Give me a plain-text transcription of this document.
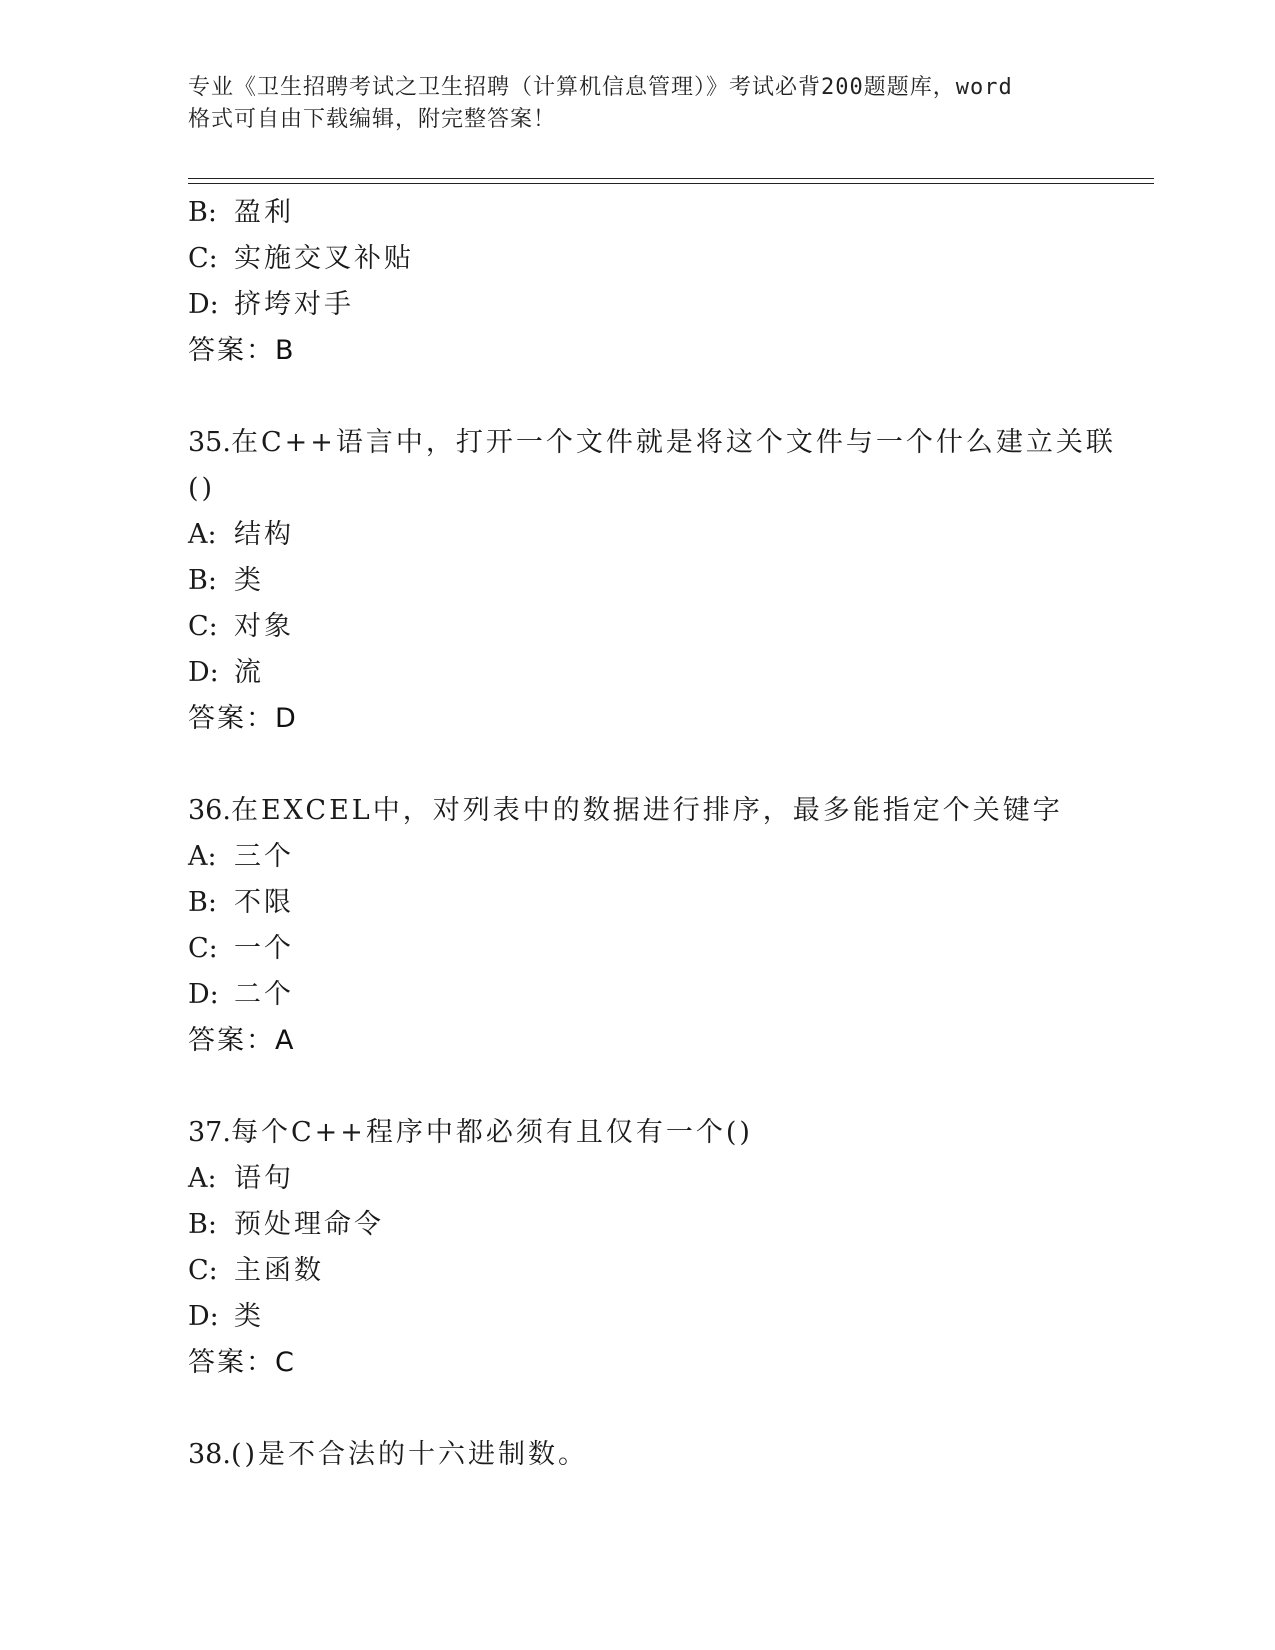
专业《卫生招聘考试之卫生招聘（计算机信息管理）》考试必背200题题库，word
格式可自由下载编辑，附完整答案！
B: 盈利
C: 实施交叉补贴
D: 挤垮对手
答案：B
35.在C++语言中，打开一个文件就是将这个文件与一个什么建立关联
()
A: 结构
B: 类
C: 对象
D: 流
答案：D
36.在EXCEL中，对列表中的数据进行排序，最多能指定个关键字
A: 三个
B: 不限
C: 一个
D: 二个
答案：A
37.每个C++程序中都必须有且仅有一个()
A: 语句
B: 预处理命令
C: 主函数
D: 类
答案：C
38.()是不合法的十六进制数。
